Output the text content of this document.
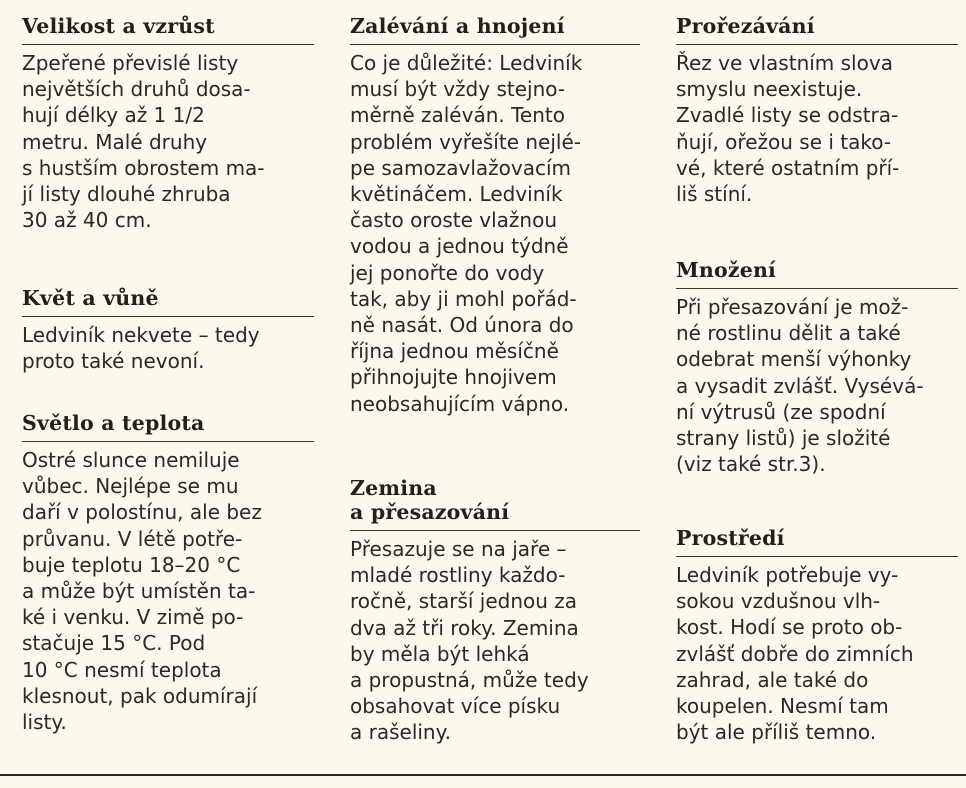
Velikost a vzrůst
Zpeřené převislé listy
největších druhů dosa-
hují délky až 1 1/2
metru. Malé druhy
s hustším obrostem ma-
jí listy dlouhé zhruba
30 až 40 cm.
Květ a vůně
Ledviník nekvete – tedy
proto také nevoní.
Světlo a teplota
Ostré slunce nemiluje
vůbec. Nejlépe se mu
daří v polostínu, ale bez
průvanu. V létě potře-
buje teplotu 18–20 °C
a může být umístěn ta-
ké i venku. V zimě po-
stačuje 15 °C. Pod
10 °C nesmí teplota
klesnout, pak odumírají
listy.
Zalévání a hnojení
Co je důležité: Ledviník
musí být vždy stejno-
měrně zaléván. Tento
problém vyřešíte nejlé-
pe samozavlažovacím
květináčem. Ledviník
často oroste vlažnou
vodou a jednou týdně
jej ponořte do vody
tak, aby ji mohl pořád-
ně nasát. Od února do
října jednou měsíčně
přihnojujte hnojivem
neobsahujícím vápno.
Zemina
a přesazování
Přesazuje se na jaře –
mladé rostliny každo-
ročně, starší jednou za
dva až tři roky. Zemina
by měla být lehká
a propustná, může tedy
obsahovat více písku
a rašeliny.
Prořezávání
Řez ve vlastním slova
smyslu neexistuje.
Zvadlé listy se odstra-
ňují, ořežou se i tako-
vé, které ostatním pří-
liš stíní.
Množení
Při přesazování je mož-
né rostlinu dělit a také
odebrat menší výhonky
a vysadit zvlášť. Vysévá-
ní výtrusů (ze spodní
strany listů) je složité
(viz také str.3).
Prostředí
Ledviník potřebuje vy-
sokou vzdušnou vlh-
kost. Hodí se proto ob-
zvlášť dobře do zimních
zahrad, ale také do
koupelen. Nesmí tam
být ale příliš temno.
